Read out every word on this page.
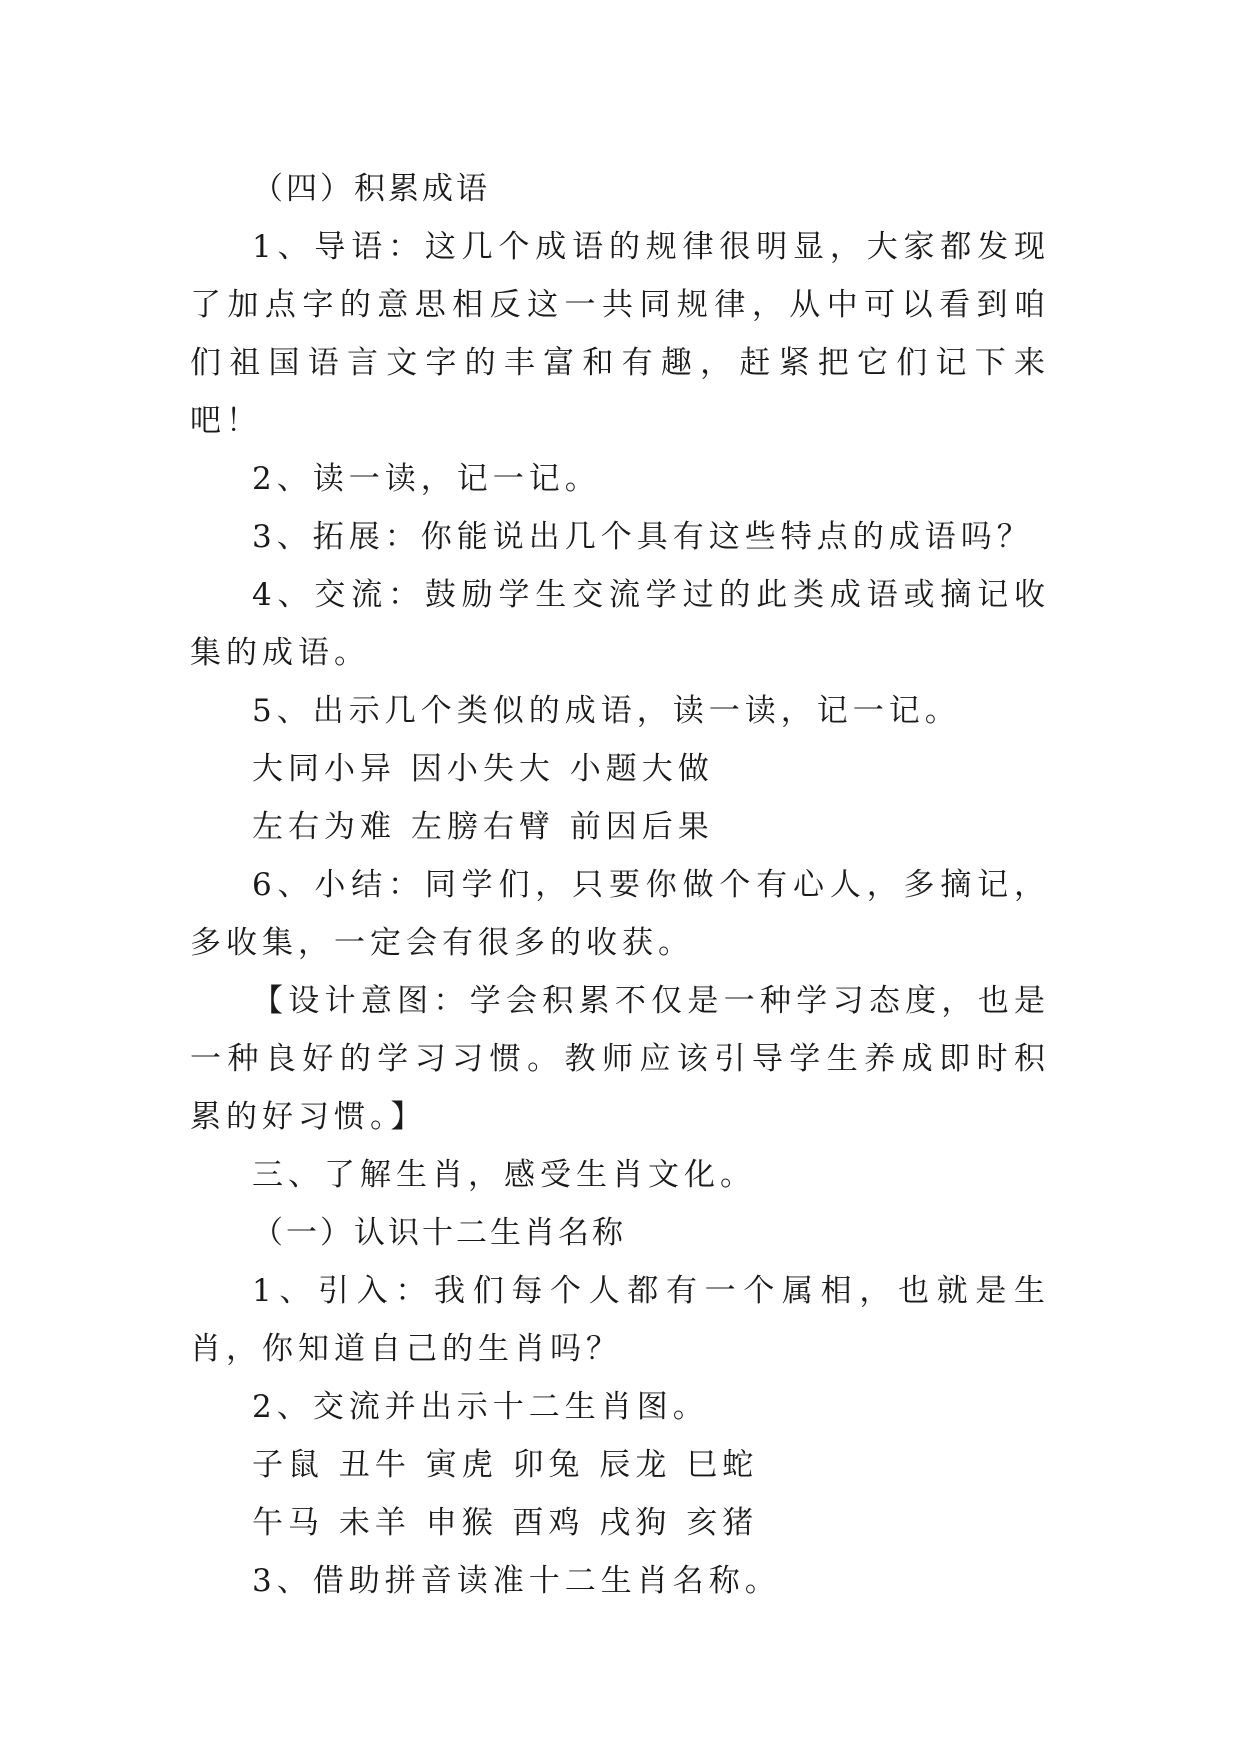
（四）积累成语

1、导语：这几个成语的规律很明显，大家都发现了加点字的意思相反这一共同规律，从中可以看到咱们祖国语言文字的丰富和有趣，赶紧把它们记下来吧！

2、读一读，记一记。

3、拓展：你能说出几个具有这些特点的成语吗？

4、交流：鼓励学生交流学过的此类成语或摘记收集的成语。

5、出示几个类似的成语，读一读，记一记。

大同小异 因小失大 小题大做

左右为难 左膀右臂 前因后果

6、小结：同学们，只要你做个有心人，多摘记，多收集，一定会有很多的收获。

【设计意图：学会积累不仅是一种学习态度，也是一种良好的学习习惯。教师应该引导学生养成即时积累的好习惯。】

三、了解生肖，感受生肖文化。

（一）认识十二生肖名称

1、引入：我们每个人都有一个属相，也就是生肖，你知道自己的生肖吗？

2、交流并出示十二生肖图。

子鼠 丑牛 寅虎 卯兔 辰龙 巳蛇

午马 未羊 申猴 酉鸡 戌狗 亥猪

3、借助拼音读准十二生肖名称。
